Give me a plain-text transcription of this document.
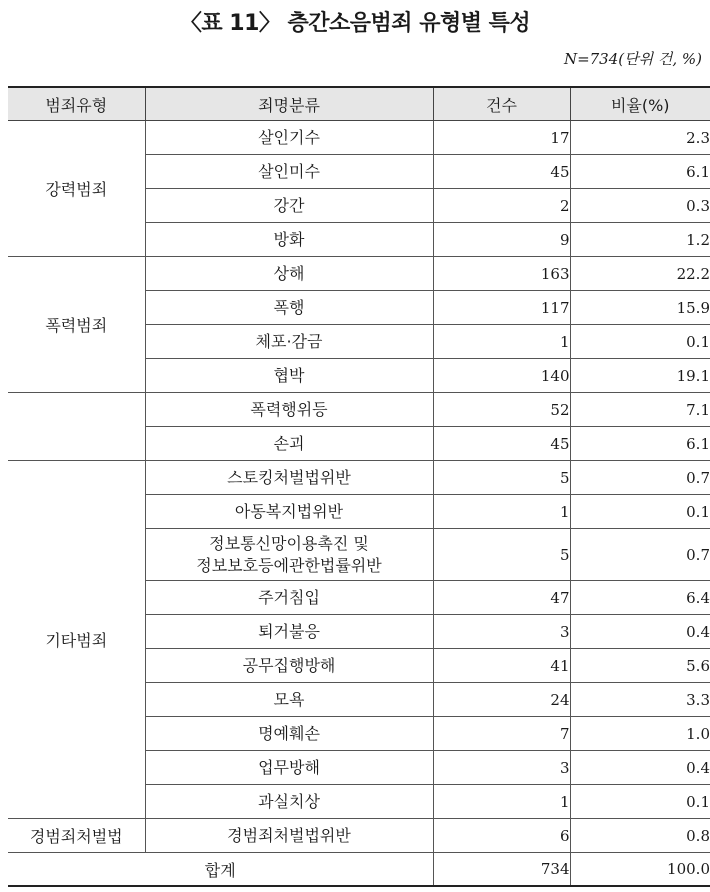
〈표 11〉 층간소음범죄 유형별 특성
N=734(단위 건, %)
범죄유형	죄명분류	건수	비율(%)
강력범죄	살인기수	17	2.3
	살인미수	45	6.1
	강간	2	0.3
	방화	9	1.2
폭력범죄	상해	163	22.2
	폭행	117	15.9
	체포·감금	1	0.1
	협박	140	19.1
	폭력행위등	52	7.1
	손괴	45	6.1
기타범죄	스토킹처벌법위반	5	0.7
	아동복지법위반	1	0.1

	정보통신망이용촉진 및
정보보호등에관한법률위반	5	0.7
	주거침입	47	6.4
	퇴거불응	3	0.4
	공무집행방해	41	5.6
	모욕	24	3.3
	명예훼손	7	1.0
	업무방해	3	0.4
	과실치상	1	0.1
경범죄처벌법	경범죄처벌법위반	6	0.8
합계		734	100.0
